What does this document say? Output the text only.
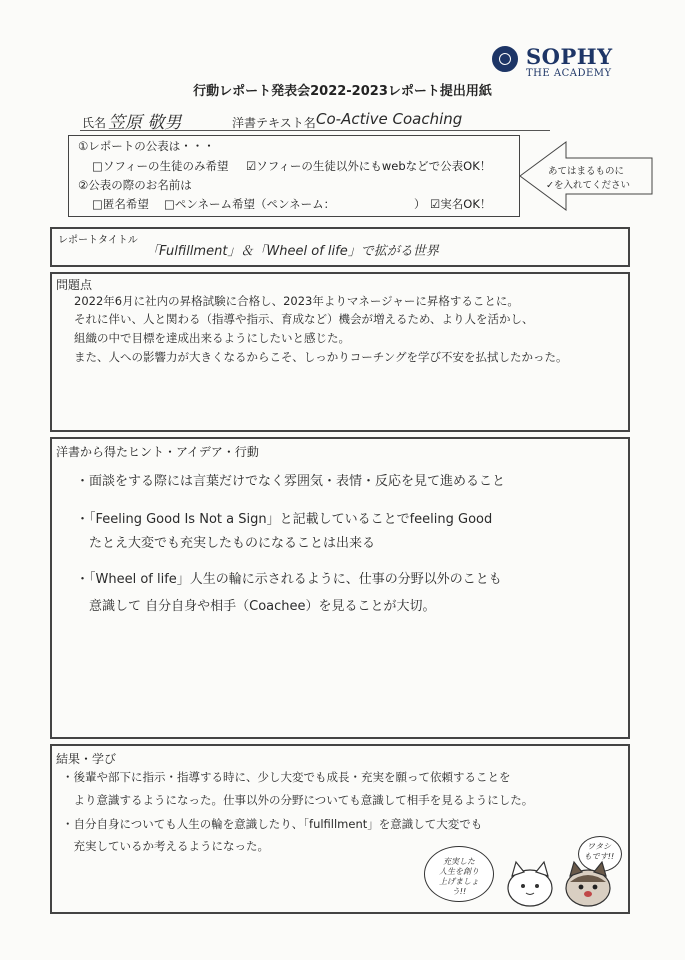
SOPHY
THE ACADEMY
行動レポート発表会2022-2023レポート提出用紙
氏名 笠原 敬男	洋書テキスト名 Co-Active Coaching
①レポートの公表は・・・
□ソフィーの生徒のみ希望 ☑ソフィーの生徒以外にもwebなどで公表OK！
②公表の際のお名前は
□匿名希望 □ペンネーム希望（ペンネーム：	） ☑実名OK！
あてはまるものに
✓を入れてください
レポートタイトル
「Fulfillment」＆「Wheel of life」で拡がる世界
問題点
2022年6月に社内の昇格試験に合格し、2023年よりマネージャーに昇格することに。
それに伴い、人と関わる（指導や指示、育成など）機会が増えるため、より人を活かし、
組織の中で目標を達成出来るようにしたいと感じた。
また、人への影響力が大きくなるからこそ、しっかりコーチングを学び不安を払拭したかった。
洋書から得たヒント・アイデア・行動
・面談をする際には言葉だけでなく雰囲気・表情・反応を見て進めること
・「Feeling Good Is Not a Sign」と記載していることでfeeling Good
　たとえ大変でも充実したものになることは出来る
・「Wheel of life」人生の輪に示されるように、仕事の分野以外のことも
　意識して 自分自身や相手（Coachee）を見ることが大切。
結果・学び
・後輩や部下に指示・指導する時に、少し大変でも成長・充実を願って依頼することを
　より意識するようになった。仕事以外の分野についても意識して相手を見るようにした。
・自分自身についても人生の輪を意識したり、「fulfillment」を意識して大変でも
　充実しているか考えるようになった。
充実した
人生を創り
上げましょう!!
ワタシ
もです!!
